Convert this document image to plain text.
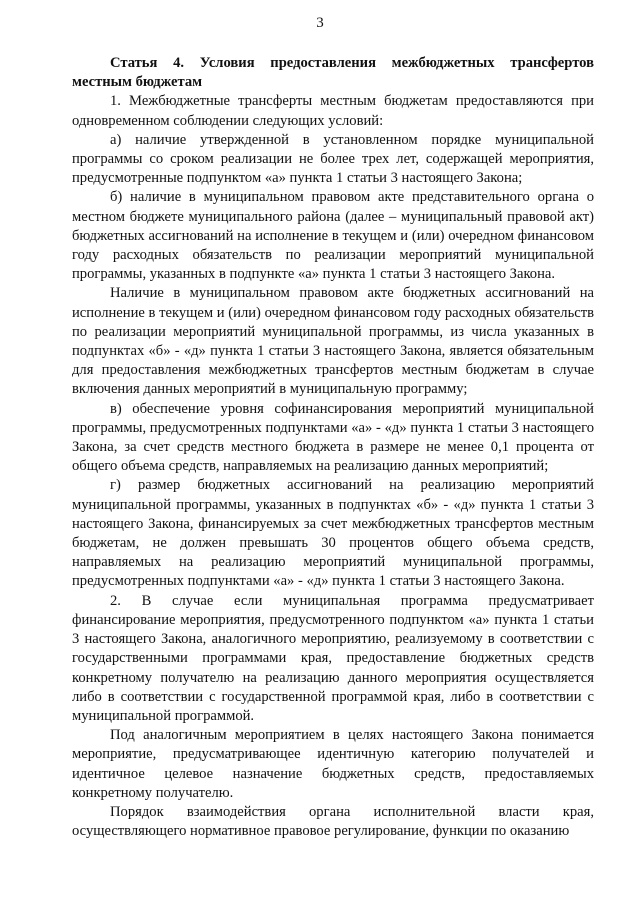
3

Статья 4. Условия предоставления межбюджетных трансфертов местным бюджетам

1. Межбюджетные трансферты местным бюджетам предоставляются при одновременном соблюдении следующих условий:

а) наличие утвержденной в установленном порядке муниципальной программы со сроком реализации не более трех лет, содержащей мероприятия, предусмотренные подпунктом «а» пункта 1 статьи 3 настоящего Закона;

б) наличие в муниципальном правовом акте представительного органа о местном бюджете муниципального района (далее – муниципальный правовой акт) бюджетных ассигнований на исполнение в текущем и (или) очередном финансовом году расходных обязательств по реализации мероприятий муниципальной программы, указанных в подпункте «а» пункта 1 статьи 3 настоящего Закона.

Наличие в муниципальном правовом акте бюджетных ассигнований на исполнение в текущем и (или) очередном финансовом году расходных обязательств по реализации мероприятий муниципальной программы, из числа указанных в подпунктах «б» - «д» пункта 1 статьи 3 настоящего Закона, является обязательным для предоставления межбюджетных трансфертов местным бюджетам в случае включения данных мероприятий в муниципальную программу;

в) обеспечение уровня софинансирования мероприятий муниципальной программы, предусмотренных подпунктами «а» - «д» пункта 1 статьи 3 настоящего Закона, за счет средств местного бюджета в размере не менее 0,1 процента от общего объема средств, направляемых на реализацию данных мероприятий;

г) размер бюджетных ассигнований на реализацию мероприятий муниципальной программы, указанных в подпунктах «б» - «д» пункта 1 статьи 3 настоящего Закона, финансируемых за счет межбюджетных трансфертов местным бюджетам, не должен превышать 30 процентов общего объема средств, направляемых на реализацию мероприятий муниципальной программы, предусмотренных подпунктами «а» - «д» пункта 1 статьи 3 настоящего Закона.

2. В случае если муниципальная программа предусматривает финансирование мероприятия, предусмотренного подпунктом «а» пункта 1 статьи 3 настоящего Закона, аналогичного мероприятию, реализуемому в соответствии с государственными программами края, предоставление бюджетных средств конкретному получателю на реализацию данного мероприятия осуществляется либо в соответствии с государственной программой края, либо в соответствии с муниципальной программой.

Под аналогичным мероприятием в целях настоящего Закона понимается мероприятие, предусматривающее идентичную категорию получателей и идентичное целевое назначение бюджетных средств, предоставляемых конкретному получателю.

Порядок взаимодействия органа исполнительной власти края, осуществляющего нормативное правовое регулирование, функции по оказанию
